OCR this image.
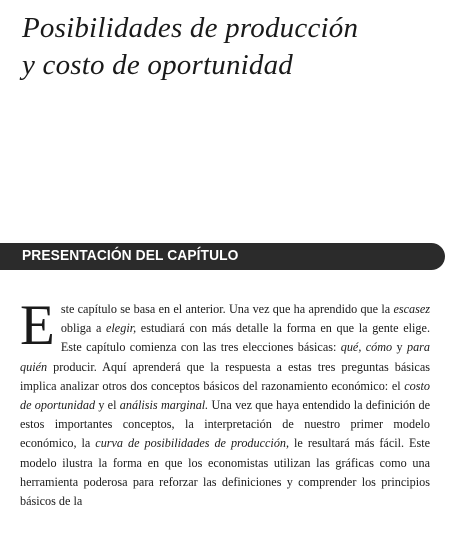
Posibilidades de producción
y costo de oportunidad
PRESENTACIÓN DEL CAPÍTULO

Este capítulo se basa en el anterior. Una vez que ha aprendido que la escasez obliga a elegir, estudiará con más detalle la forma en que la gente elige. Este capítulo comienza con las tres elecciones básicas: qué, cómo y para quién producir. Aquí aprenderá que la respuesta a estas tres preguntas básicas implica analizar otros dos conceptos básicos del razonamiento económico: el costo de oportunidad y el análisis marginal. Una vez que haya entendido la definición de estos importantes conceptos, la interpretación de nuestro primer modelo económico, la curva de posibilidades de producción, le resultará más fácil. Este modelo ilustra la forma en que los economistas utilizan las gráficas como una herramienta poderosa para reforzar las definiciones y comprender los principios básicos de la
